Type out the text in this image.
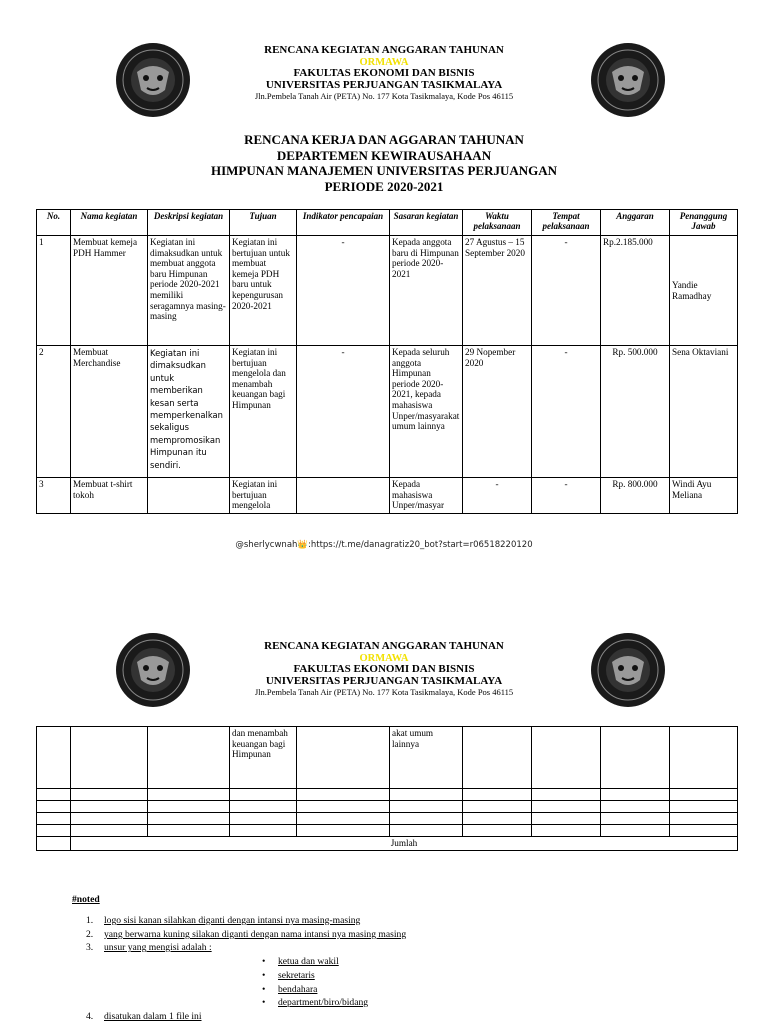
RENCANA KEGIATAN ANGGARAN TAHUNAN
ORMAWA
FAKULTAS EKONOMI DAN BISNIS
UNIVERSITAS PERJUANGAN TASIKMALAYA
Jln.Pembela Tanah Air (PETA) No. 177 Kota Tasikmalaya, Kode Pos 46115
RENCANA KERJA DAN AGGARAN TAHUNAN
DEPARTEMEN KEWIRAUSAHAAN
HIMPUNAN MANAJEMEN UNIVERSITAS PERJUANGAN
PERIODE 2020-2021
No.	Nama kegiatan	Deskripsi kegiatan	Tujuan	Indikator pencapaian	Sasaran kegiatan	Waktu pelaksanaan	Tempat pelaksanaan	Anggaran	Penanggung Jawab
1	Membuat kemeja PDH Hammer	Kegiatan ini dimaksudkan untuk membuat anggota baru Himpunan periode 2020-2021 memiliki seragamnya masing-masing	Kegiatan ini bertujuan untuk membuat kemeja PDH baru untuk kepengurusan 2020-2021	-	Kepada anggota baru di Himpunan periode 2020-2021	27 Agustus – 15 September 2020	-	Rp.2.185.000	Yandie Ramadhay
2	Membuat Merchandise	Kegiatan ini dimaksudkan untuk memberikan kesan serta memperkenalkan sekaligus mempromosikan Himpunan itu sendiri.	Kegiatan ini bertujuan mengelola dan menambah keuangan bagi Himpunan	-	Kepada seluruh anggota Himpunan periode 2020-2021, kepada mahasiswa Unper/masyarakat umum lainnya	29 Nopember 2020	-	Rp. 500.000	Sena Oktaviani
3	Membuat t-shirt tokoh		Kegiatan ini bertujuan mengelola		Kepada mahasiswa Unper/masyar	-	-	Rp. 800.000	Windi Ayu Meliana
@sherlycwnah👑:https://t.me/danagratiz20_bot?start=r06518220120
RENCANA KEGIATAN ANGGARAN TAHUNAN
ORMAWA
FAKULTAS EKONOMI DAN BISNIS
UNIVERSITAS PERJUANGAN TASIKMALAYA
Jln.Pembela Tanah Air (PETA) No. 177 Kota Tasikmalaya, Kode Pos 46115
			dan menambah keuangan bagi Himpunan		akat umum lainnya				

	Jumlah								
#noted
1. logo sisi kanan silahkan diganti dengan intansi nya masing-masing
2. yang berwarna kuning silakan diganti dengan nama intansi nya masing masing
3. unsur yang mengisi adalah :
• ketua dan wakil
• sekretaris
• bendahara
• department/biro/bidang
4. disatukan dalam 1 file ini
